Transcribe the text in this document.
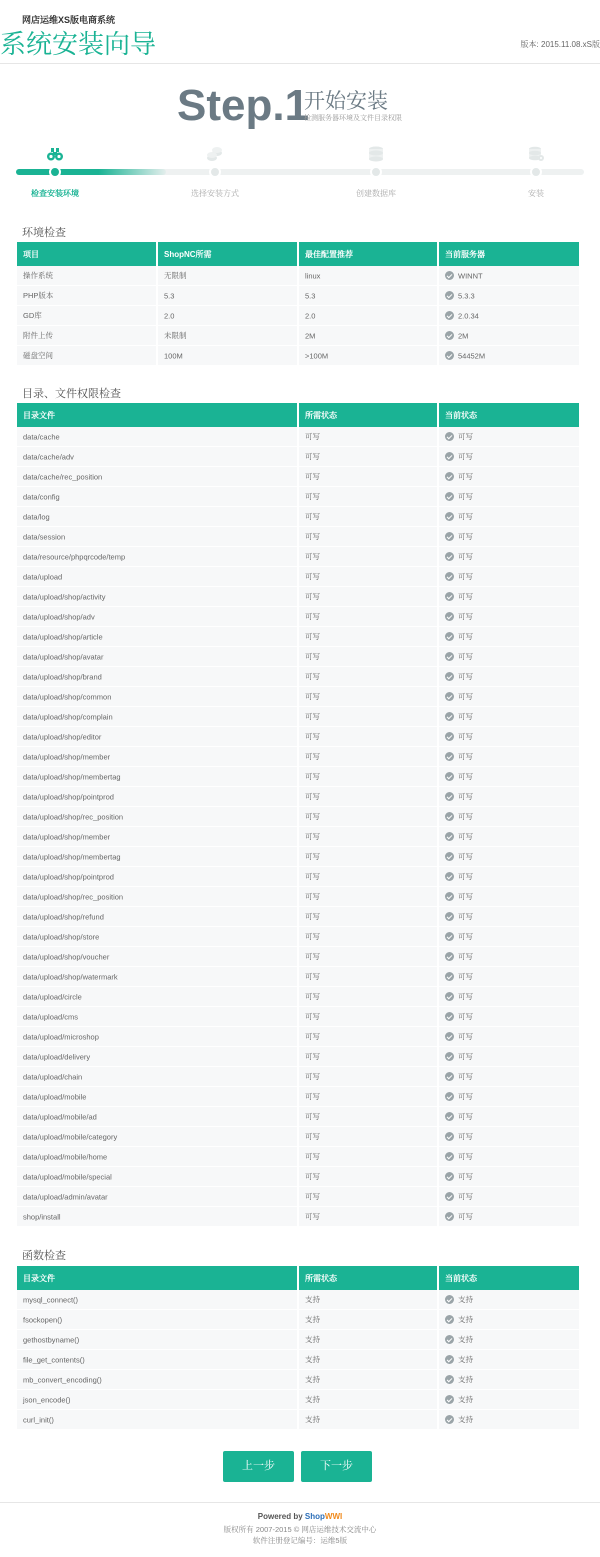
网店运维XS版电商系统
系统安装向导	版本: 2015.11.08.xS版
Step.1
开始安装
检测服务器环境及文件目录权限
检查安装环境	选择安装方式	创建数据库	安装
环境检查
项目	ShopNC所需	最佳配置推荐	当前服务器
操作系统	无限制	linux	WINNT
PHP版本	5.3	5.3	5.3.3
GD库	2.0	2.0	2.0.34
附件上传	未限制	2M	2M
磁盘空间	100M	>100M	54452M
目录、文件权限检查
目录文件	所需状态	当前状态
data/cache	可写	可写
data/cache/adv	可写	可写
data/cache/rec_position	可写	可写
data/config	可写	可写
data/log	可写	可写
data/session	可写	可写
data/resource/phpqrcode/temp	可写	可写
data/upload	可写	可写
data/upload/shop/activity	可写	可写
data/upload/shop/adv	可写	可写
data/upload/shop/article	可写	可写
data/upload/shop/avatar	可写	可写
data/upload/shop/brand	可写	可写
data/upload/shop/common	可写	可写
data/upload/shop/complain	可写	可写
data/upload/shop/editor	可写	可写
data/upload/shop/member	可写	可写
data/upload/shop/membertag	可写	可写
data/upload/shop/pointprod	可写	可写
data/upload/shop/rec_position	可写	可写
data/upload/shop/member	可写	可写
data/upload/shop/membertag	可写	可写
data/upload/shop/pointprod	可写	可写
data/upload/shop/rec_position	可写	可写
data/upload/shop/refund	可写	可写
data/upload/shop/store	可写	可写
data/upload/shop/voucher	可写	可写
data/upload/shop/watermark	可写	可写
data/upload/circle	可写	可写
data/upload/cms	可写	可写
data/upload/microshop	可写	可写
data/upload/delivery	可写	可写
data/upload/chain	可写	可写
data/upload/mobile	可写	可写
data/upload/mobile/ad	可写	可写
data/upload/mobile/category	可写	可写
data/upload/mobile/home	可写	可写
data/upload/mobile/special	可写	可写
data/upload/admin/avatar	可写	可写
shop/install	可写	可写
函数检查
目录文件	所需状态	当前状态
mysql_connect()	支持	支持
fsockopen()	支持	支持
gethostbyname()	支持	支持
file_get_contents()	支持	支持
mb_convert_encoding()	支持	支持
json_encode()	支持	支持
curl_init()	支持	支持
上一步	下一步
Powered by ShopWWI
版权所有 2007-2015 © 网店运维技术交流中心
软件注册登记编号：运维5版
